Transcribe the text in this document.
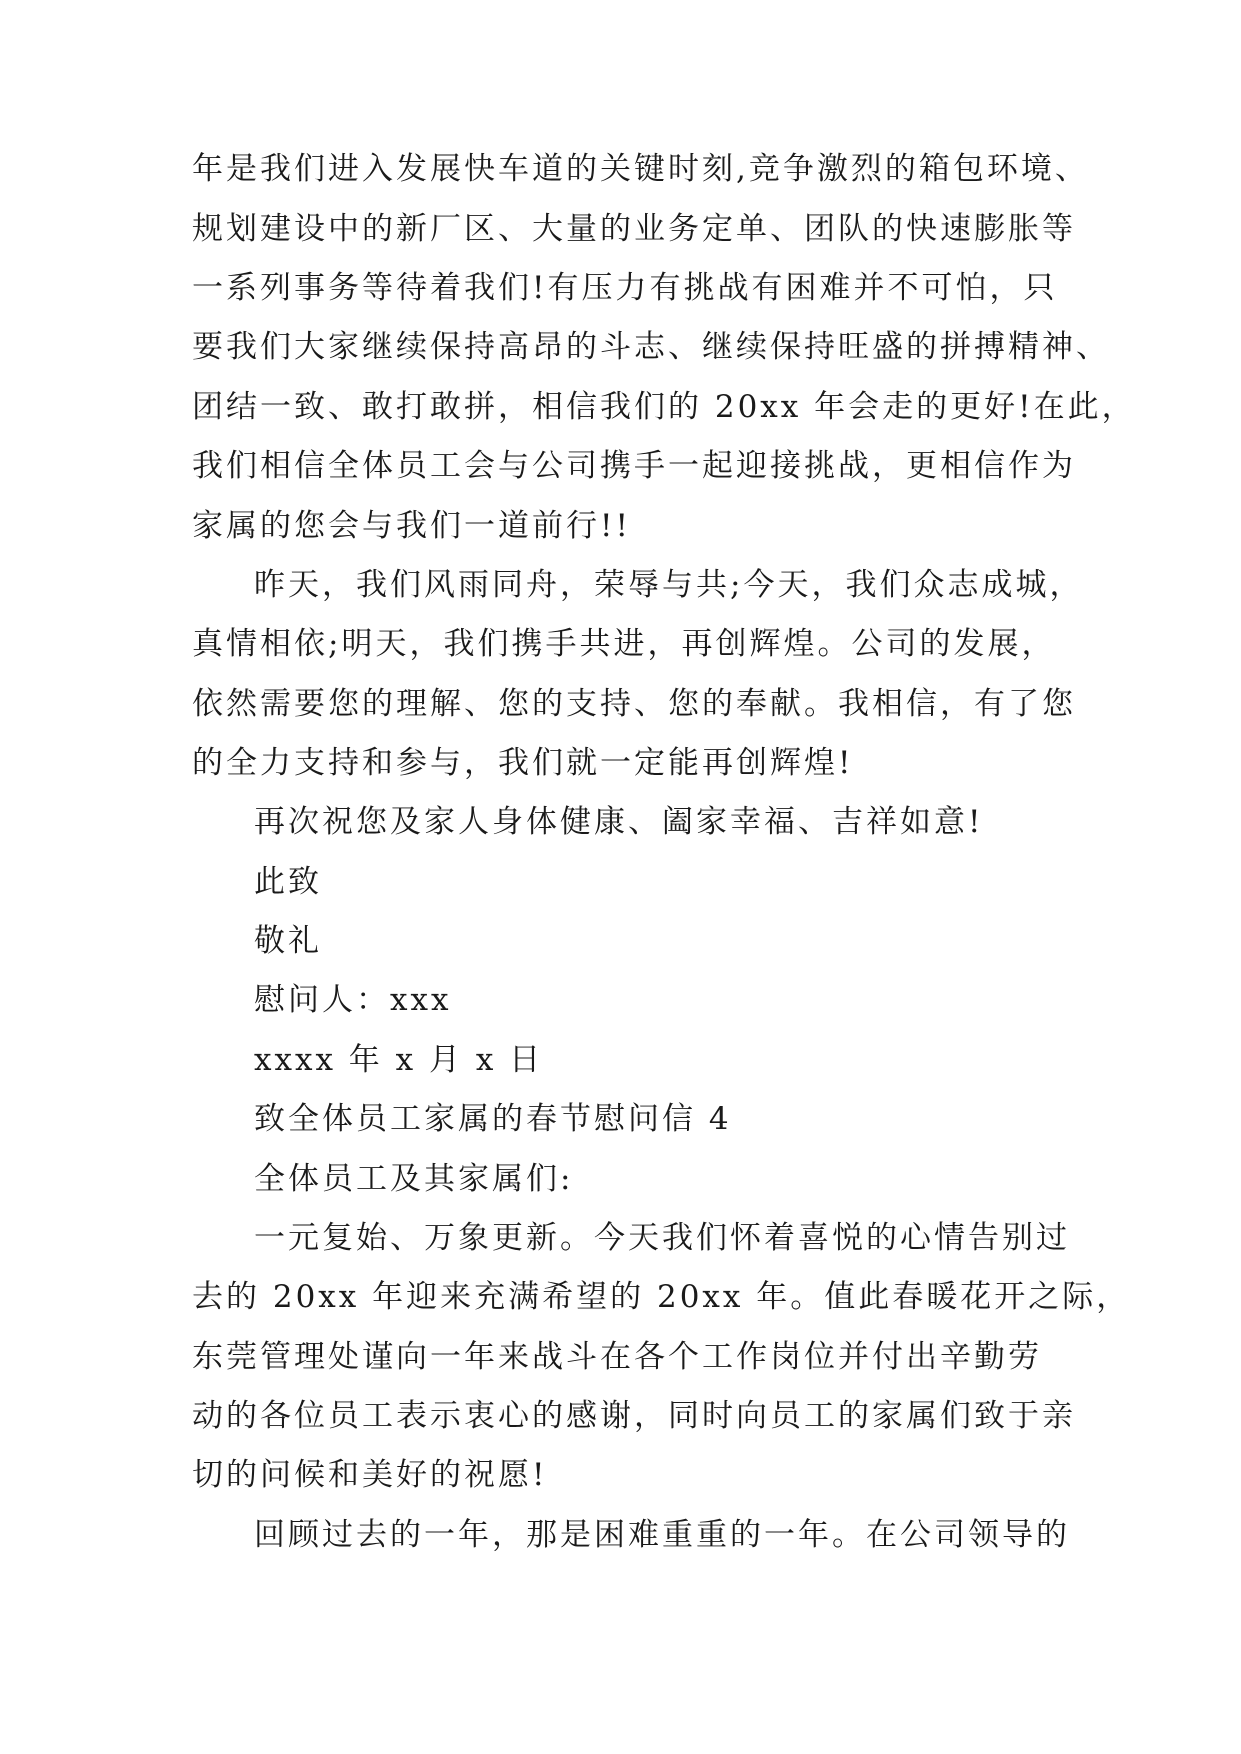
年是我们进入发展快车道的关键时刻,竞争激烈的箱包环境、
规划建设中的新厂区、大量的业务定单、团队的快速膨胀等
一系列事务等待着我们!有压力有挑战有困难并不可怕，只
要我们大家继续保持高昂的斗志、继续保持旺盛的拼搏精神、
团结一致、敢打敢拼，相信我们的 20xx 年会走的更好!在此，
我们相信全体员工会与公司携手一起迎接挑战，更相信作为
家属的您会与我们一道前行!!
昨天，我们风雨同舟，荣辱与共;今天，我们众志成城，
真情相依;明天，我们携手共进，再创辉煌。公司的发展，
依然需要您的理解、您的支持、您的奉献。我相信，有了您
的全力支持和参与，我们就一定能再创辉煌!
再次祝您及家人身体健康、阖家幸福、吉祥如意!
此致
敬礼
慰问人：xxx
xxxx 年 x 月 x 日
致全体员工家属的春节慰问信 4
全体员工及其家属们:
一元复始、万象更新。今天我们怀着喜悦的心情告别过
去的 20xx 年迎来充满希望的 20xx 年。值此春暖花开之际，
东莞管理处谨向一年来战斗在各个工作岗位并付出辛勤劳
动的各位员工表示衷心的感谢，同时向员工的家属们致于亲
切的问候和美好的祝愿!
回顾过去的一年，那是困难重重的一年。在公司领导的
